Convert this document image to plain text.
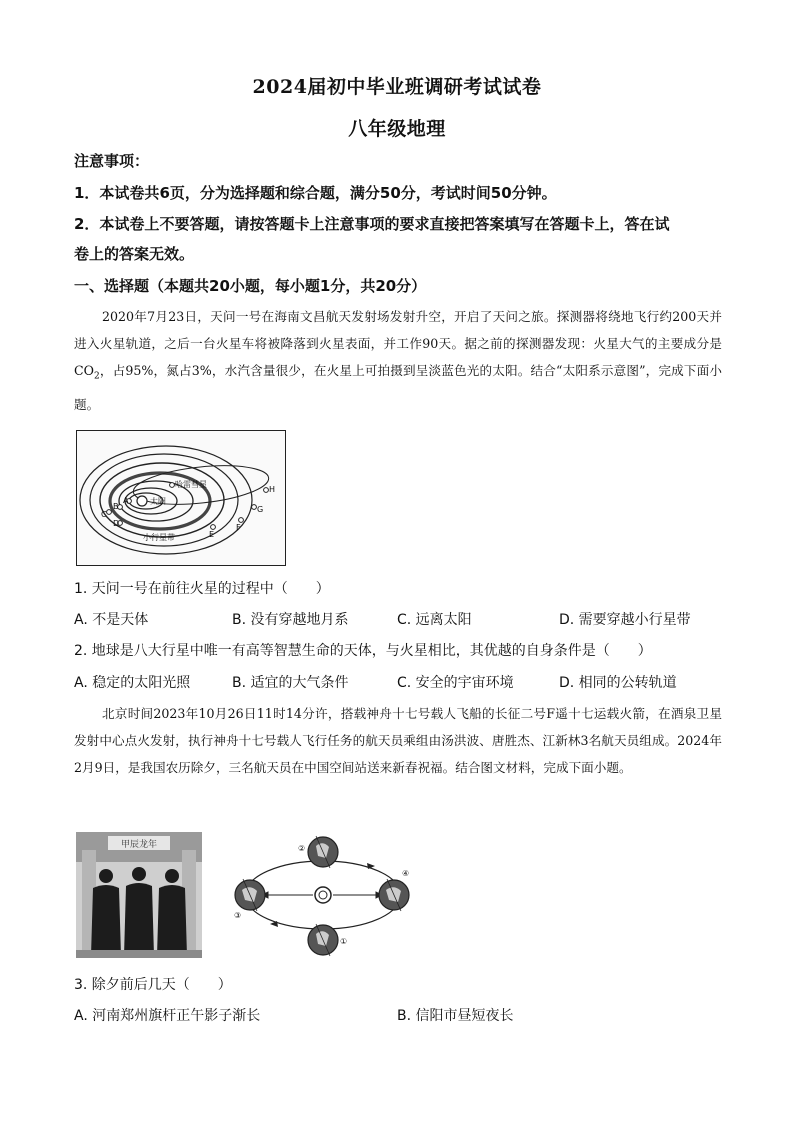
2024届初中毕业班调研考试试卷
八年级地理
注意事项：
1．本试卷共6页，分为选择题和综合题，满分50分，考试时间50分钟。
2．本试卷上不要答题，请按答题卡上注意事项的要求直接把答案填写在答题卡上，答在试
卷上的答案无效。
一、选择题（本题共20小题，每小题1分，共20分）
2020年7月23日，天问一号在海南文昌航天发射场发射升空，开启了天问之旅。探测器将绕地飞行约200天并进入火星轨道，之后一台火星车将被降落到火星表面，并工作90天。据之前的探测器发现：火星大气的主要成分是$CO_2$，占95%，氮占3%，水汽含量很少，在火星上可拍摄到呈淡蓝色光的太阳。结合“太阳系示意图”，完成下面小题。
哈雷彗星
太阳
小行星带
A
B
C
D
E
F
G
H
1. 天问一号在前往火星的过程中（　　）
A. 不是天体	B. 没有穿越地月系	C. 远离太阳	D. 需要穿越小行星带
2. 地球是八大行星中唯一有高等智慧生命的天体，与火星相比，其优越的自身条件是（　　）
A. 稳定的太阳光照	B. 适宜的大气条件	C. 安全的宇宙环境	D. 相同的公转轨道
北京时间2023年10月26日11时14分许，搭载神舟十七号载人飞船的长征二号F遥十七运载火箭，在酒泉卫星发射中心点火发射，执行神舟十七号载人飞行任务的航天员乘组由汤洪波、唐胜杰、江新林3名航天员组成。2024年2月9日，是我国农历除夕，三名航天员在中国空间站送来新春祝福。结合图文材料，完成下面小题。
甲辰龙年	②
③
④
①
3. 除夕前后几天（　　）
A. 河南郑州旗杆正午影子渐长	B. 信阳市昼短夜长
